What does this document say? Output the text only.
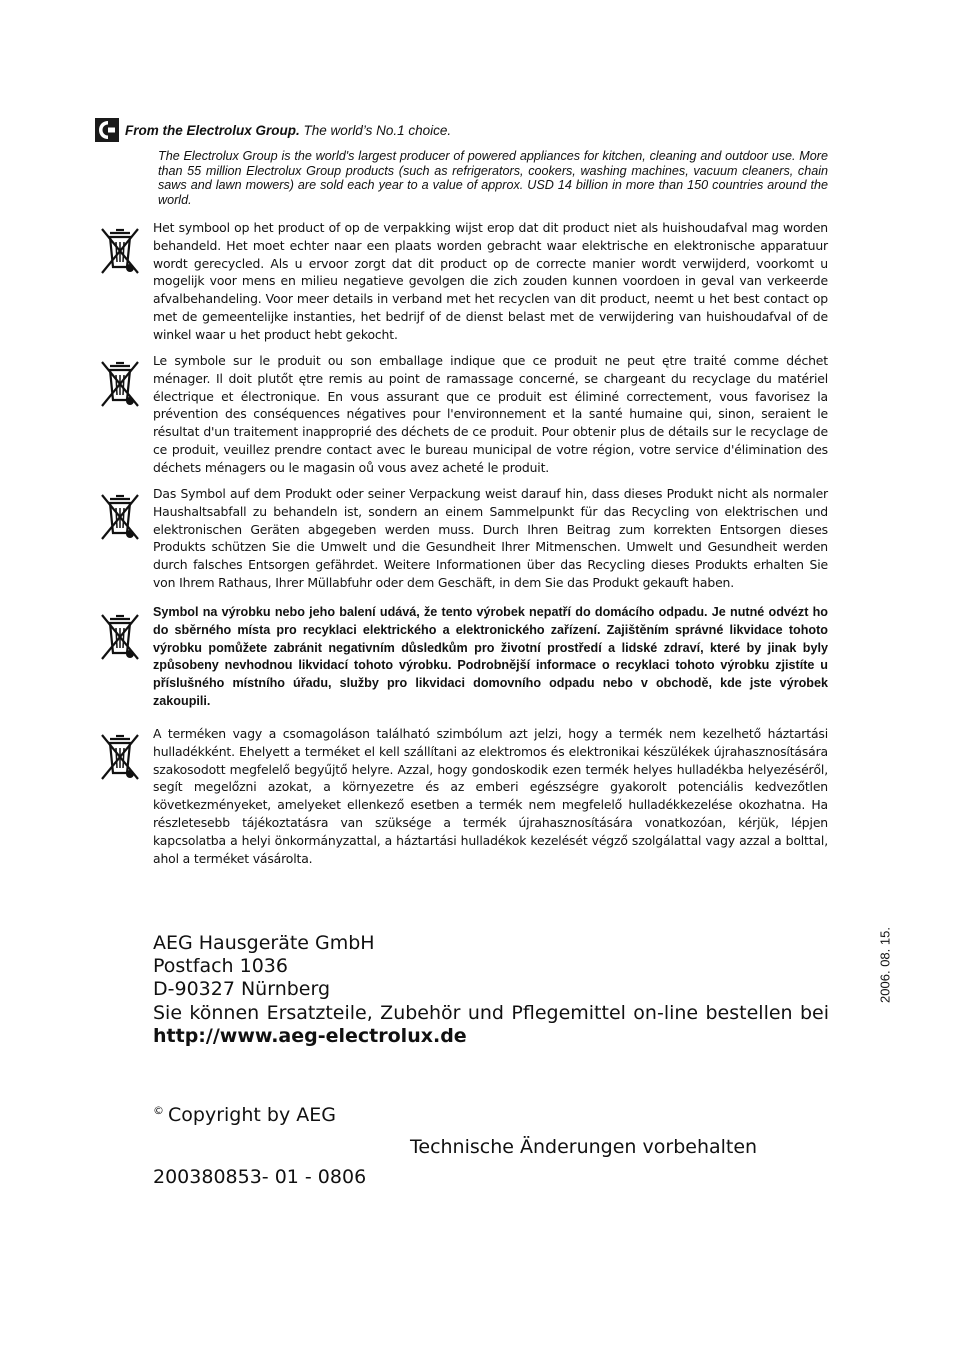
From the Electrolux Group. The world’s No.1 choice.
The Electrolux Group is the world's largest producer of powered appliances for kitchen, cleaning and outdoor use. More than 55 million Electrolux Group products (such as refrigerators, cookers, washing machines, vacuum cleaners, chain saws and lawn mowers) are sold each year to a value of approx. USD 14 billion in more than 150 countries around the world.
Het symbool op het product of op de verpakking wijst erop dat dit product niet als huishoudafval mag worden behandeld. Het moet echter naar een plaats worden gebracht waar elektrische en elektronische apparatuur wordt gerecycled. Als u ervoor zorgt dat dit product op de correcte manier wordt verwijderd, voorkomt u mogelijk voor mens en milieu negatieve gevolgen die zich zouden kunnen voordoen in geval van verkeerde afvalbehandeling. Voor meer details in verband met het recyclen van dit product, neemt u het best contact op met de gemeentelijke instanties, het bedrijf of de dienst belast met de verwijdering van huishoudafval of de winkel waar u het product hebt gekocht.
Le symbole sur le produit ou son emballage indique que ce produit ne peut ętre traité comme déchet ménager. Il doit plutőt ętre remis au point de ramassage concerné, se chargeant du recyclage du matériel électrique et électronique. En vous assurant que ce produit est éliminé correctement, vous favorisez la prévention des conséquences négatives pour l'environnement et la santé humaine qui, sinon, seraient le résultat d'un traitement inapproprié des déchets de ce produit. Pour obtenir plus de détails sur le recyclage de ce produit, veuillez prendre contact avec le bureau municipal de votre région, votre service d'élimination des déchets ménagers ou le magasin oů vous avez acheté le produit.
Das Symbol auf dem Produkt oder seiner Verpackung weist darauf hin, dass dieses Produkt nicht als normaler Haushaltsabfall zu behandeln ist, sondern an einem Sammelpunkt für das Recycling von elektrischen und elektronischen Geräten abgegeben werden muss. Durch Ihren Beitrag zum korrekten Entsorgen dieses Produkts schützen Sie die Umwelt und die Gesundheit Ihrer Mitmenschen. Umwelt und Gesundheit werden durch falsches Entsorgen gefährdet. Weitere Informationen über das Recycling dieses Produkts erhalten Sie von Ihrem Rathaus, Ihrer Müllabfuhr oder dem Geschäft, in dem Sie das Produkt gekauft haben.
Symbol na výrobku nebo jeho balení udává, že tento výrobek nepatří do domácího odpadu. Je nutné odvézt ho do sběrného místa pro recyklaci elektrického a elektronického zařízení. Zajištěním správné likvidace tohoto výrobku pomůžete zabránit negativním důsledkům pro životní prostředí a lidské zdraví, které by jinak byly způsobeny nevhodnou likvidací tohoto výrobku. Podrobnější informace o recyklaci tohoto výrobku zjistíte u příslušného místního úřadu, služby pro likvidaci domovního odpadu nebo v obchodě, kde jste výrobek zakoupili.
A terméken vagy a csomagoláson található szimbólum azt jelzi, hogy a termék nem kezelhető háztartási hulladékként. Ehelyett a terméket el kell szállítani az elektromos és elektronikai készülékek újrahasznosítására szakosodott megfelelő begyűjtő helyre. Azzal, hogy gondoskodik ezen termék helyes hulladékba helyezéséről, segít megelőzni azokat, a környezetre és az emberi egészségre gyakorolt potenciális kedvezőtlen következményeket, amelyeket ellenkező esetben a termék nem megfelelő hulladékkezelése okozhatna. Ha részletesebb tájékoztatásra van szüksége a termék újrahasznosítására vonatkozóan, kérjük, lépjen kapcsolatba a helyi önkormányzattal, a háztartási hulladékok kezelését végző szolgálattal vagy azzal a bolttal, ahol a terméket vásárolta.
AEG Hausgeräte GmbH
Postfach 1036
D-90327 Nürnberg
Sie können Ersatzteile, Zubehör und Pflegemittel on-line bestellen bei
http://www.aeg-electrolux.de
2006. 08. 15.
© Copyright by AEG
Technische Änderungen vorbehalten
200380853- 01 - 0806
